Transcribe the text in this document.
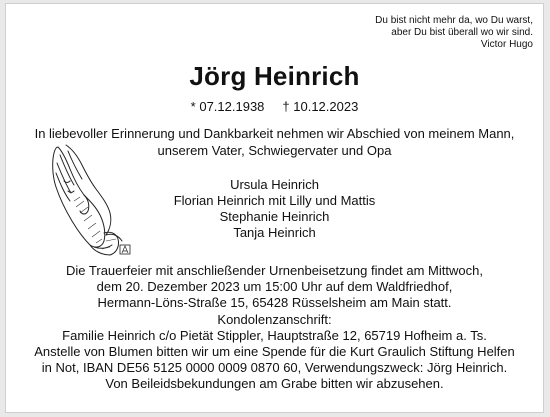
Du bist nicht mehr da, wo Du warst,
aber Du bist überall wo wir sind.
Victor Hugo
Jörg Heinrich
* 07.12.1938 † 10.12.2023
In liebevoller Erinnerung und Dankbarkeit nehmen wir Abschied von meinem Mann,
unserem Vater, Schwiegervater und Opa
Ursula Heinrich
Florian Heinrich mit Lilly und Mattis
Stephanie Heinrich
Tanja Heinrich
Die Trauerfeier mit anschließender Urnenbeisetzung findet am Mittwoch,
dem 20. Dezember 2023 um 15:00 Uhr auf dem Waldfriedhof,
Hermann-Löns-Straße 15, 65428 Rüsselsheim am Main statt.
Kondolenzanschrift:
Familie Heinrich c/o Pietät Stippler, Hauptstraße 12, 65719 Hofheim a. Ts.
Anstelle von Blumen bitten wir um eine Spende für die Kurt Graulich Stiftung Helfen
in Not, IBAN DE56 5125 0000 0009 0870 60, Verwendungszweck: Jörg Heinrich.
Von Beileidsbekundungen am Grabe bitten wir abzusehen.
